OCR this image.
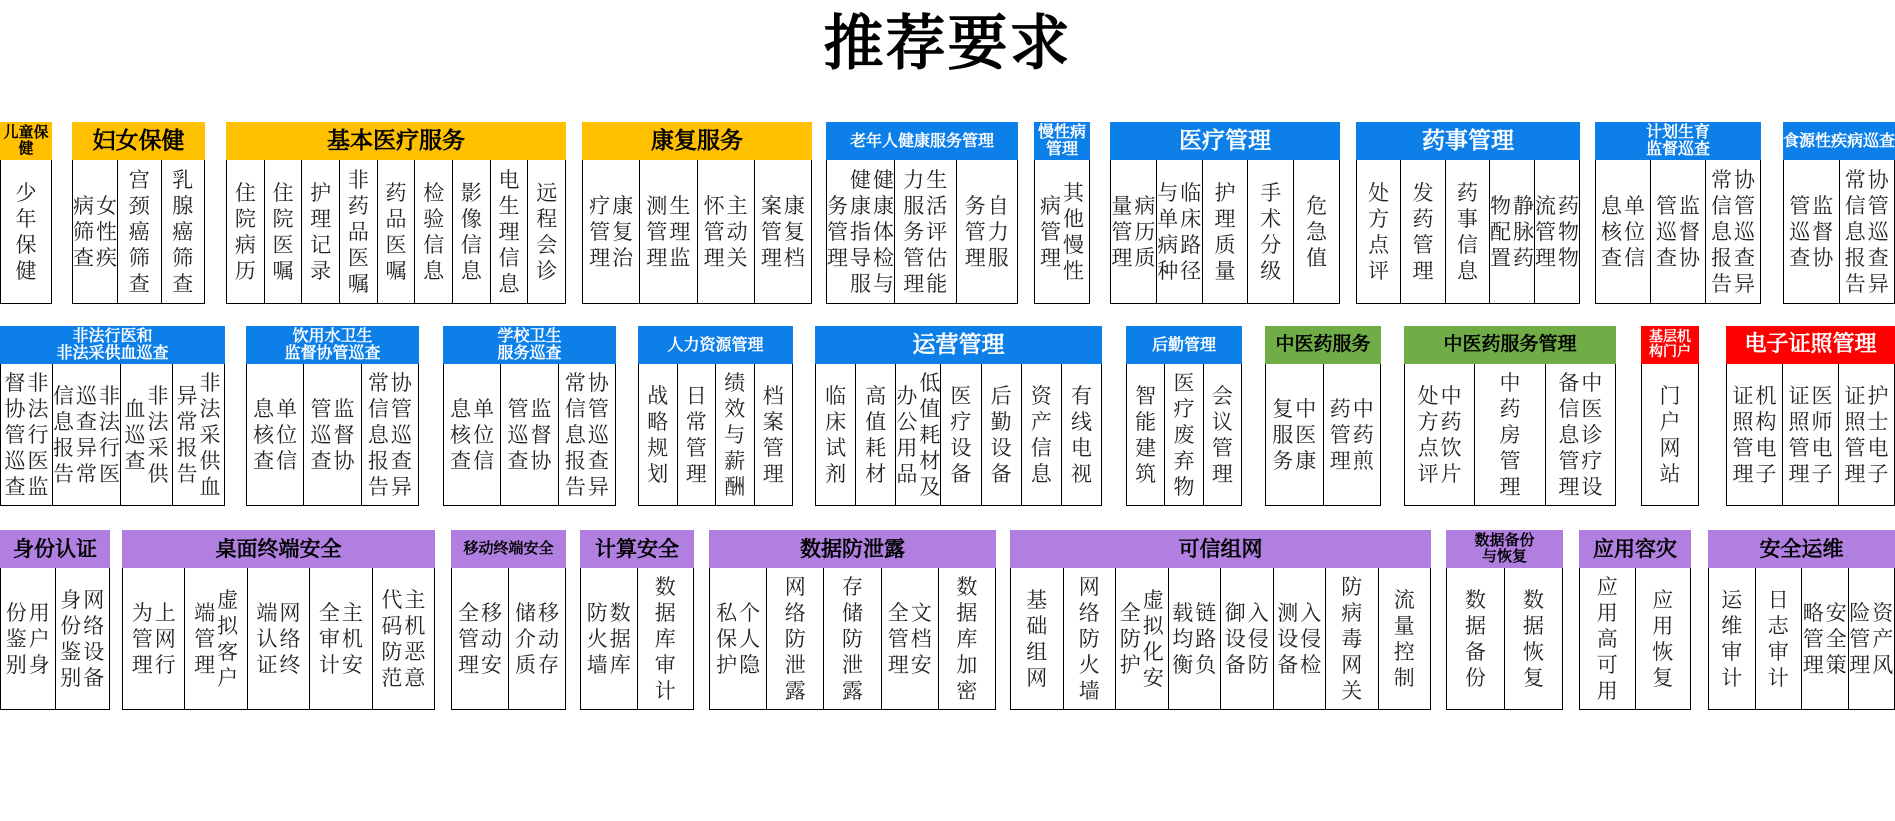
推荐要求
儿童保健
少
年
保
健
妇女保健
女
性
疾
病
筛
查
宫
颈
癌
筛
查
乳
腺
癌
筛
查
基本医疗服务
住
院
病
历
住
院
医
嘱
护
理
记
录
非
药
品
医
嘱
药
品
医
嘱
检
验
信
息
影
像
信
息
电
生
理
信
息
远
程
会
诊
康复服务
康
复
治
疗
管
理
生
理
监
测
管
理
主
动
关
怀
管
理
康
复
档
案
管
理
老年人健康服务管理
健
康
体
检
与
健
康
指
导
服
务
管
理
生
活
评
估
能
力
服
务
管
理
自
力
服
务
管
理
慢性病
管理
其
他
慢
性
病
管
理
医疗管理
病
历
质
量
管
理
临
床
路
径
与
单
病
种
护
理
质
量
手
术
分
级
危
急
值
药事管理
处
方
点
评
发
药
管
理
药
事
信
息
静
脉
药
物
配
置
药
物
物
流
管
理
计划生育
监督巡查
单
位
信
息
核
查
监
督
协
管
巡
查
协
管
巡
查
异
常
信
息
报
告
食源性疾病巡查
监
督
协
管
巡
查
协
管
巡
查
异
常
信
息
报
告
非法行医和
非法采供血巡查
非
法
行
医
监
督
协
管
巡
查
非
法
行
医
巡
查
异
常
信
息
报
告
非
法
采
供
血
巡
查
非
法
采
供
血
异
常
报
告
饮用水卫生
监督协管巡查
单
位
信
息
核
查
监
督
协
管
巡
查
协
管
巡
查
异
常
信
息
报
告
学校卫生
服务巡查
单
位
信
息
核
查
监
督
协
管
巡
查
协
管
巡
查
异
常
信
息
报
告
人力资源管理
战
略
规
划
日
常
管
理
绩
效
与
薪
酬
档
案
管
理
运营管理
临
床
试
剂
高
值
耗
材
低
值
耗
材
及
办
公
用
品
医
疗
设
备
后
勤
设
备
资
产
信
息
有
线
电
视
后勤管理
智
能
建
筑
医
疗
废
弃
物
会
议
管
理
中医药服务
中
医
康
复
服
务
中
药
煎
药
管
理
中医药服务管理
中
药
饮
片
处
方
点
评
中
药
房
管
理
中
医
诊
疗
设
备
信
息
管
理
基层机
构门户
门
户
网
站
电子证照管理
机
构
电
子
证
照
管
理
医
师
电
子
证
照
管
理
护
士
电
子
证
照
管
理
身份认证
用
户
身
份
鉴
别
网
络
设
备
身
份
鉴
别
桌面终端安全
上
网
行
为
管
理
虚
拟
客
户
端
管
理
网
络
终
端
认
证
主
机
安
全
审
计
主
机
恶
意
代
码
防
范
移动终端安全
移
动
安
全
管
理
移
动
存
储
介
质
计算安全
数
据
库
防
火
墙
数
据
库
审
计
数据防泄露
个
人
隐
私
保
护
网
络
防
泄
露
存
储
防
泄
露
文
档
安
全
管
理
数
据
库
加
密
可信组网
基
础
组
网
网
络
防
火
墙
虚
拟
化
安
全
防
护
链
路
负
载
均
衡
入
侵
防
御
设
备
入
侵
检
测
设
备
防
病
毒
网
关
流
量
控
制
数据备份
与恢复
数
据
备
份
数
据
恢
复
应用容灾
应
用
高
可
用
应
用
恢
复
安全运维
运
维
审
计
日
志
审
计
安
全
策
略
管
理
资
产
风
险
管
理
